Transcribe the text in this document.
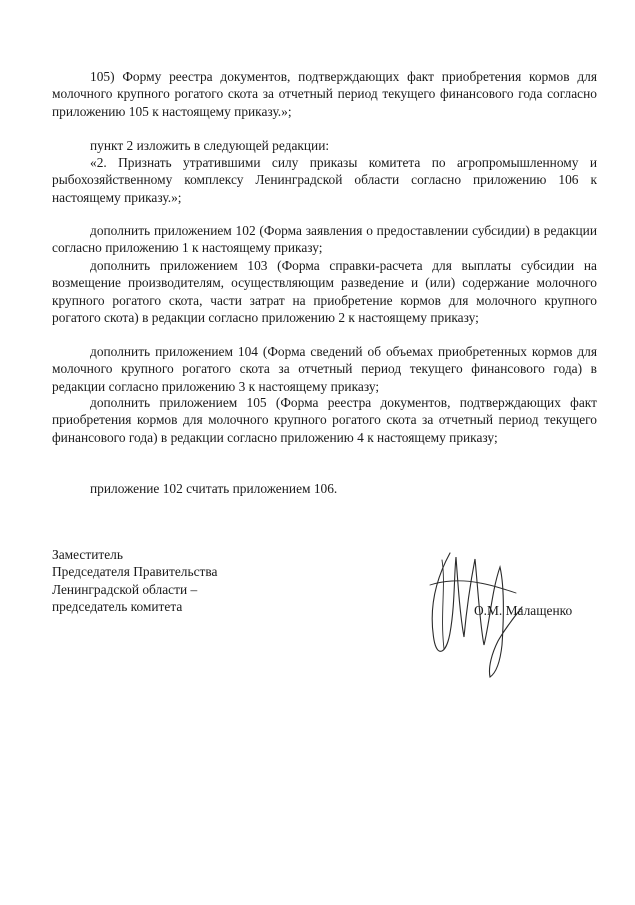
105) Форму реестра документов, подтверждающих факт приобретения кормов для молочного крупного рогатого скота за отчетный период текущего финансового года согласно приложению 105 к настоящему приказу.»;
пункт 2 изложить в следующей редакции:
«2. Признать утратившими силу приказы комитета по агропромышленному и рыбохозяйственному комплексу Ленинградской области согласно приложению 106 к настоящему приказу.»;
дополнить приложением 102 (Форма заявления о предоставлении субсидии) в редакции согласно приложению 1 к настоящему приказу;
дополнить приложением 103 (Форма справки-расчета для выплаты субсидии на возмещение производителям, осуществляющим разведение и (или) содержание молочного крупного рогатого скота, части затрат на приобретение кормов для молочного крупного рогатого скота) в редакции согласно приложению 2 к настоящему приказу;
дополнить приложением 104 (Форма сведений об объемах приобретенных кормов для молочного крупного рогатого скота за отчетный период текущего финансового года) в редакции согласно приложению 3 к настоящему приказу;
дополнить приложением 105 (Форма реестра документов, подтверждающих факт приобретения кормов для молочного крупного рогатого скота за отчетный период текущего финансового года) в редакции согласно приложению 4 к настоящему приказу;
приложение 102 считать приложением 106.
Заместитель
Председателя Правительства
Ленинградской области –
председатель комитета	О.М. Малащенко
